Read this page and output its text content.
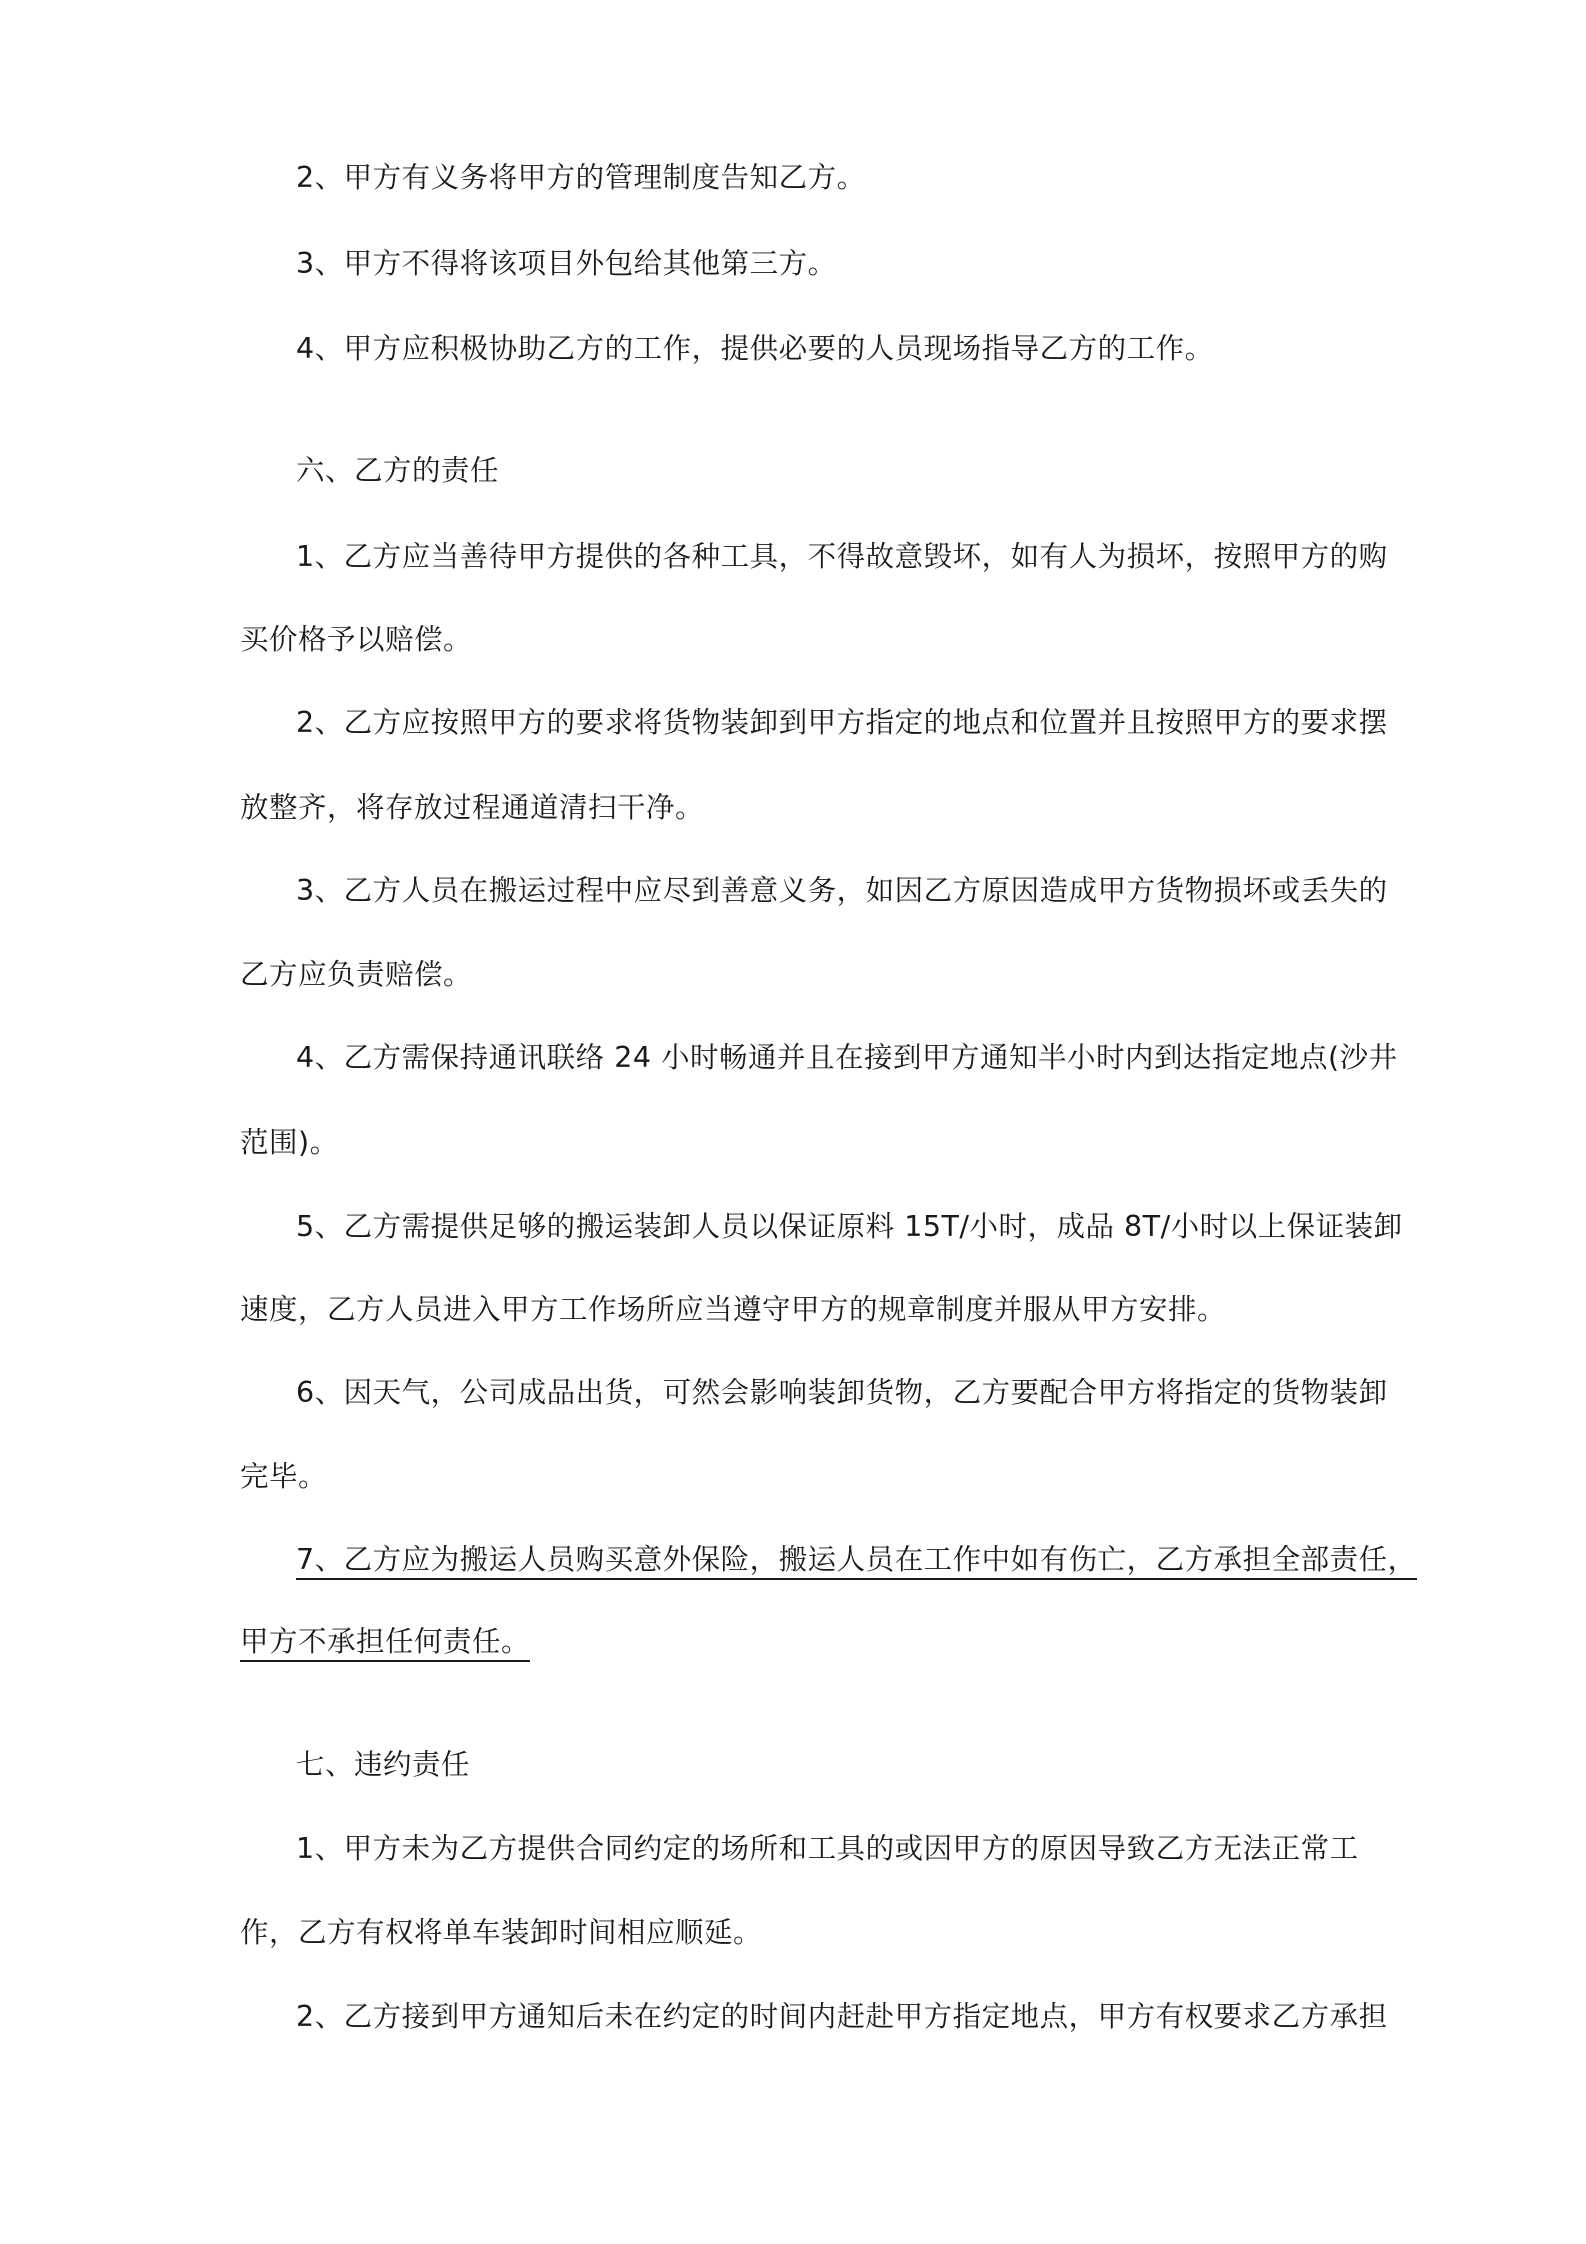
2、甲方有义务将甲方的管理制度告知乙方。
3、甲方不得将该项目外包给其他第三方。
4、甲方应积极协助乙方的工作，提供必要的人员现场指导乙方的工作。
六、乙方的责任
1、乙方应当善待甲方提供的各种工具，不得故意毁坏，如有人为损坏，按照甲方的购
买价格予以赔偿。
2、乙方应按照甲方的要求将货物装卸到甲方指定的地点和位置并且按照甲方的要求摆
放整齐，将存放过程通道清扫干净。
3、乙方人员在搬运过程中应尽到善意义务，如因乙方原因造成甲方货物损坏或丢失的
乙方应负责赔偿。
4、乙方需保持通讯联络 24 小时畅通并且在接到甲方通知半小时内到达指定地点(沙井
范围)。
5、乙方需提供足够的搬运装卸人员以保证原料 15T/小时，成品 8T/小时以上保证装卸
速度，乙方人员进入甲方工作场所应当遵守甲方的规章制度并服从甲方安排。
6、因天气，公司成品出货，可然会影响装卸货物，乙方要配合甲方将指定的货物装卸
完毕。
7、乙方应为搬运人员购买意外保险，搬运人员在工作中如有伤亡，乙方承担全部责任，
甲方不承担任何责任。
七、违约责任
1、甲方未为乙方提供合同约定的场所和工具的或因甲方的原因导致乙方无法正常工
作，乙方有权将单车装卸时间相应顺延。
2、乙方接到甲方通知后未在约定的时间内赶赴甲方指定地点，甲方有权要求乙方承担
